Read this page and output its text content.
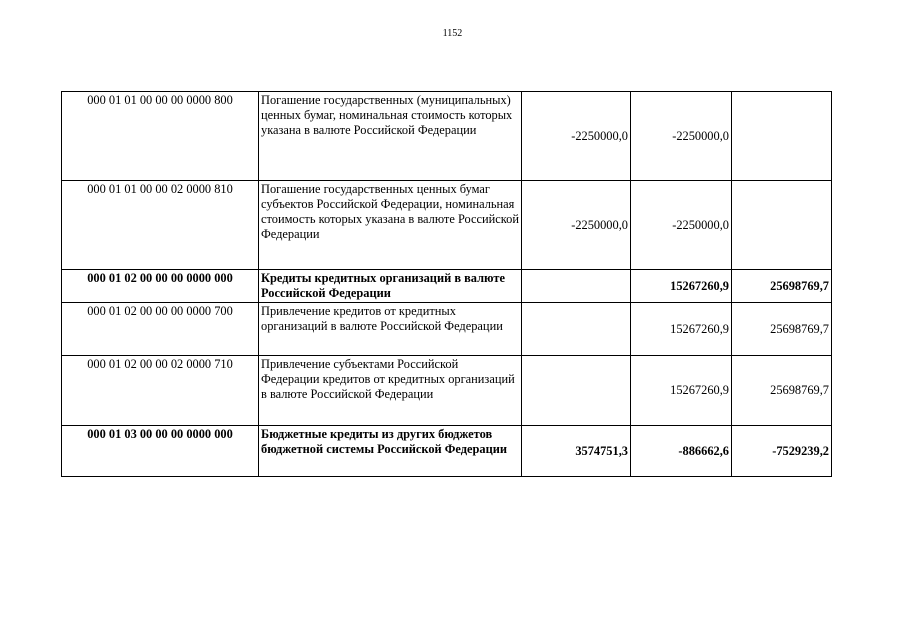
1152
000 01 01 00 00 00 0000 800	Погашение государственных (муниципальных) ценных бумаг, номинальная стоимость которых указана в валюте Российской Федерации	-2250000,0	-2250000,0	
000 01 01 00 00 02 0000 810	Погашение государственных ценных бумаг субъектов Российской Федерации, номинальная стоимость которых указана в валюте Российской Федерации	-2250000,0	-2250000,0	
000 01 02 00 00 00 0000 000	Кредиты кредитных организаций в валюте Российской Федерации		15267260,9	25698769,7
000 01 02 00 00 00 0000 700	Привлечение кредитов от кредитных организаций в валюте Российской Федерации		15267260,9	25698769,7
000 01 02 00 00 02 0000 710	Привлечение субъектами Российской Федерации кредитов от кредитных организаций в валюте Российской Федерации		15267260,9	25698769,7
000 01 03 00 00 00 0000 000	Бюджетные кредиты из других бюджетов бюджетной системы Российской Федерации	3574751,3	-886662,6	-7529239,2
